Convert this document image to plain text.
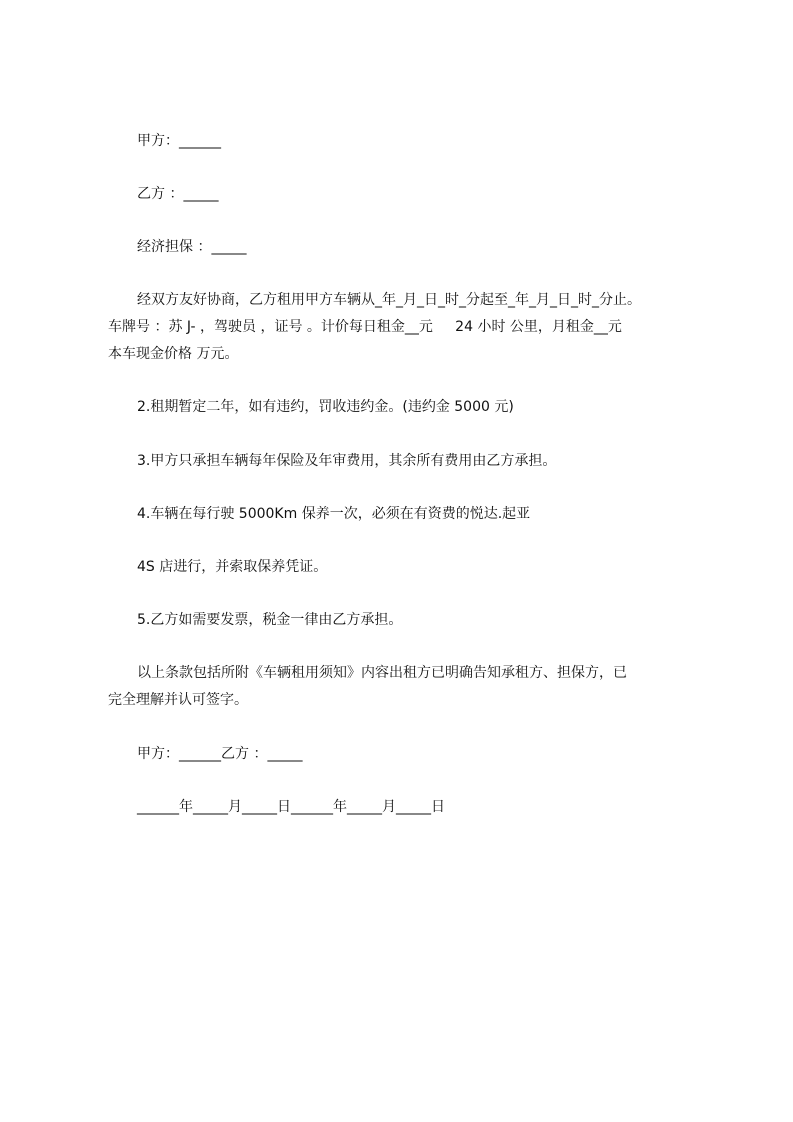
甲方：______
乙方 ：_____
经济担保 ：_____
经双方友好协商，乙方租用甲方车辆从_年_月_日_时_分起至_年_月_日_时_分止。
车牌号 ：苏 J- ，驾驶员 ，证号 。计价每日租金__元     24 小时 公里，月租金__元
本车现金价格 万元。
2.租期暂定二年，如有违约，罚收违约金。(违约金 5000 元)
3.甲方只承担车辆每年保险及年审费用，其余所有费用由乙方承担。
4.车辆在每行驶 5000Km 保养一次，必须在有资费的悦达.起亚
4S 店进行，并索取保养凭证。
5.乙方如需要发票，税金一律由乙方承担。
以上条款包括所附《车辆租用须知》内容出租方已明确告知承租方、担保方，已
完全理解并认可签字。
甲方：______乙方 ：_____
______年_____月_____日______年_____月_____日
